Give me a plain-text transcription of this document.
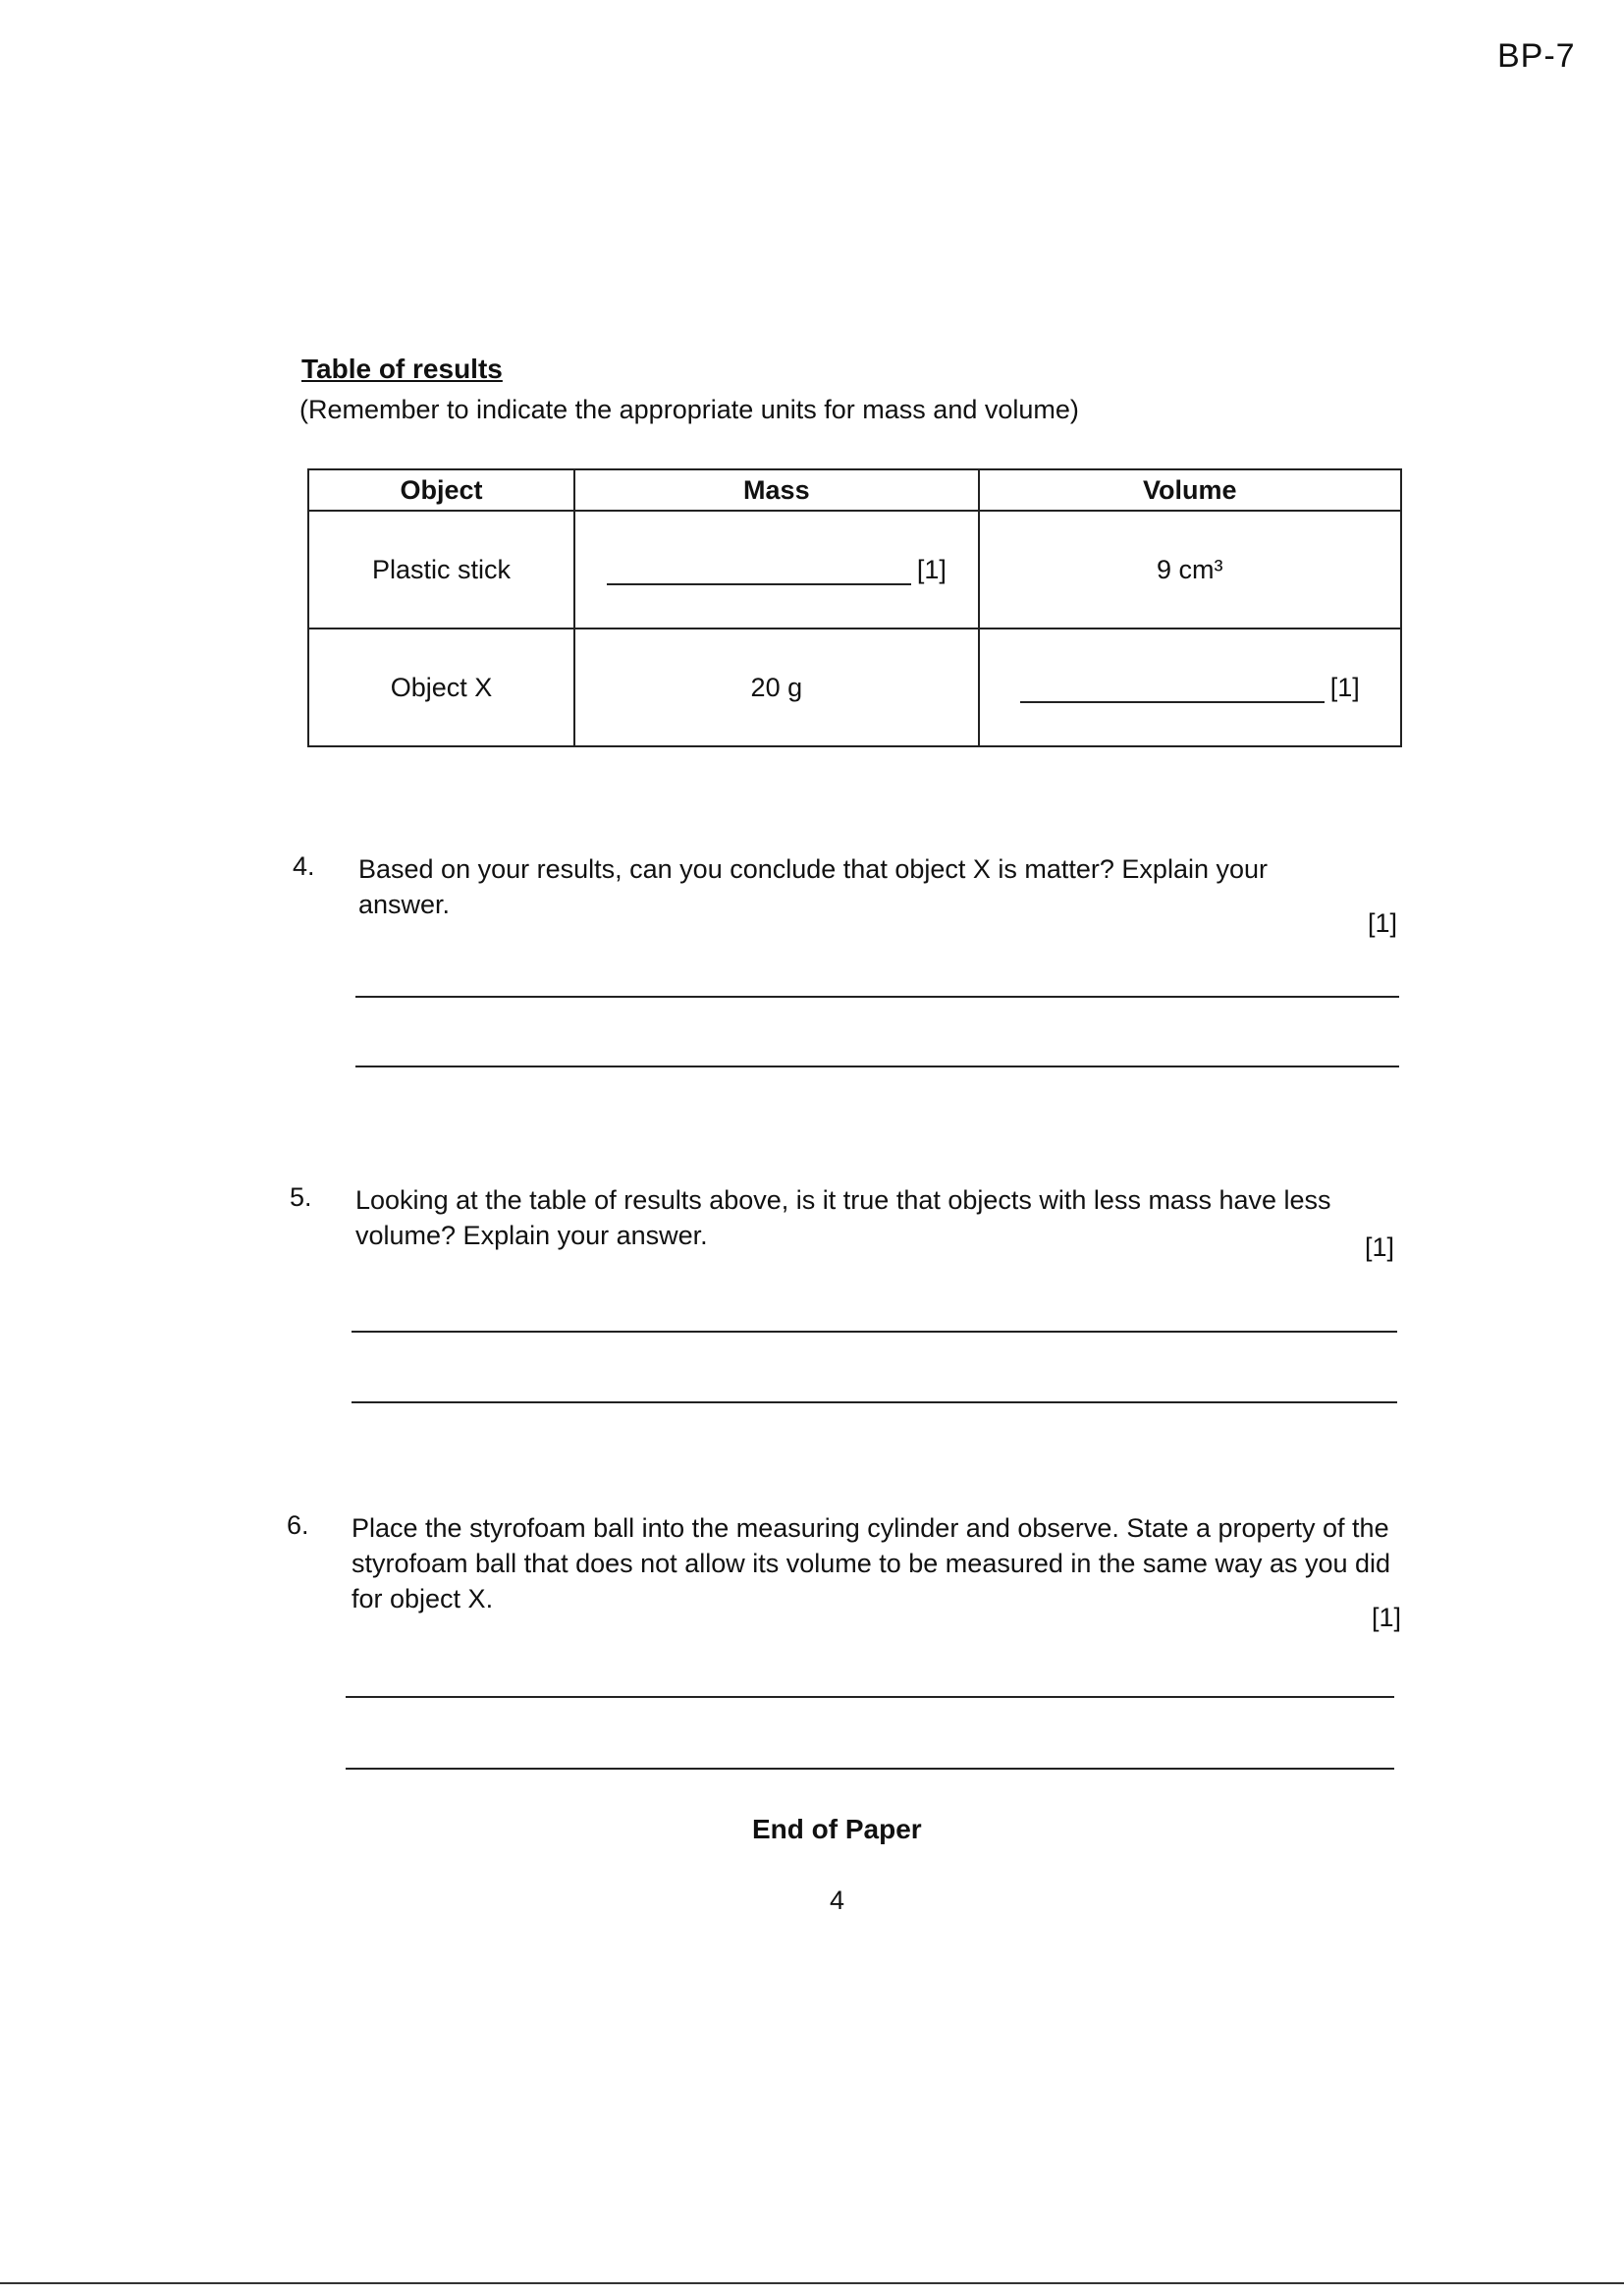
BP-7
Table of results
(Remember to indicate the appropriate units for mass and volume)
Object	Mass	Volume
Plastic stick	[1]	9 cm³
Object X	20 g	[1]
4. Based on your results, can you conclude that object X is matter? Explain your answer.
[1]
5. Looking at the table of results above, is it true that objects with less mass have less volume? Explain your answer.	[1]
6. Place the styrofoam ball into the measuring cylinder and observe. State a property of the styrofoam ball that does not allow its volume to be measured in the same way as you did for object X.
[1]
End of Paper
4
